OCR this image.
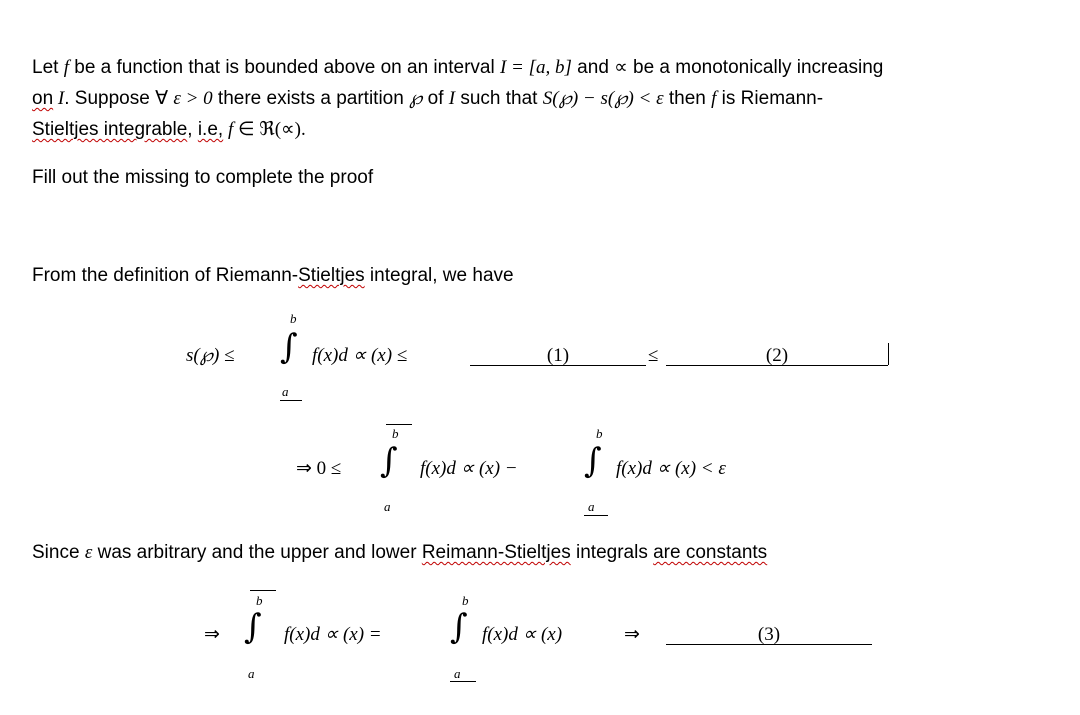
Let f be a function that is bounded above on an interval I = [a, b] and ∝ be a monotonically increasing
on I. Suppose ∀ ε > 0 there exists a partition ℘ of I such that S(℘) − s(℘) < ε then f is Riemann-
Stieltjes integrable, i.e, f ∈ ℜ(∝).
Fill out the missing to complete the proof
From the definition of Riemann-Stieltjes integral, we have
s(℘) ≤
b
∫
a
f(x)d ∝ (x) ≤	(1)	≤	(2)
⇒ 0 ≤
b
∫
a
f(x)d ∝ (x) −
b
∫
a
f(x)d ∝ (x) < ε
Since ε was arbitrary and the upper and lower Reimann-Stieltjes integrals are constants
⇒
b
∫
a
f(x)d ∝ (x) =
b
∫
a
f(x)d ∝ (x)	⇒	(3)
